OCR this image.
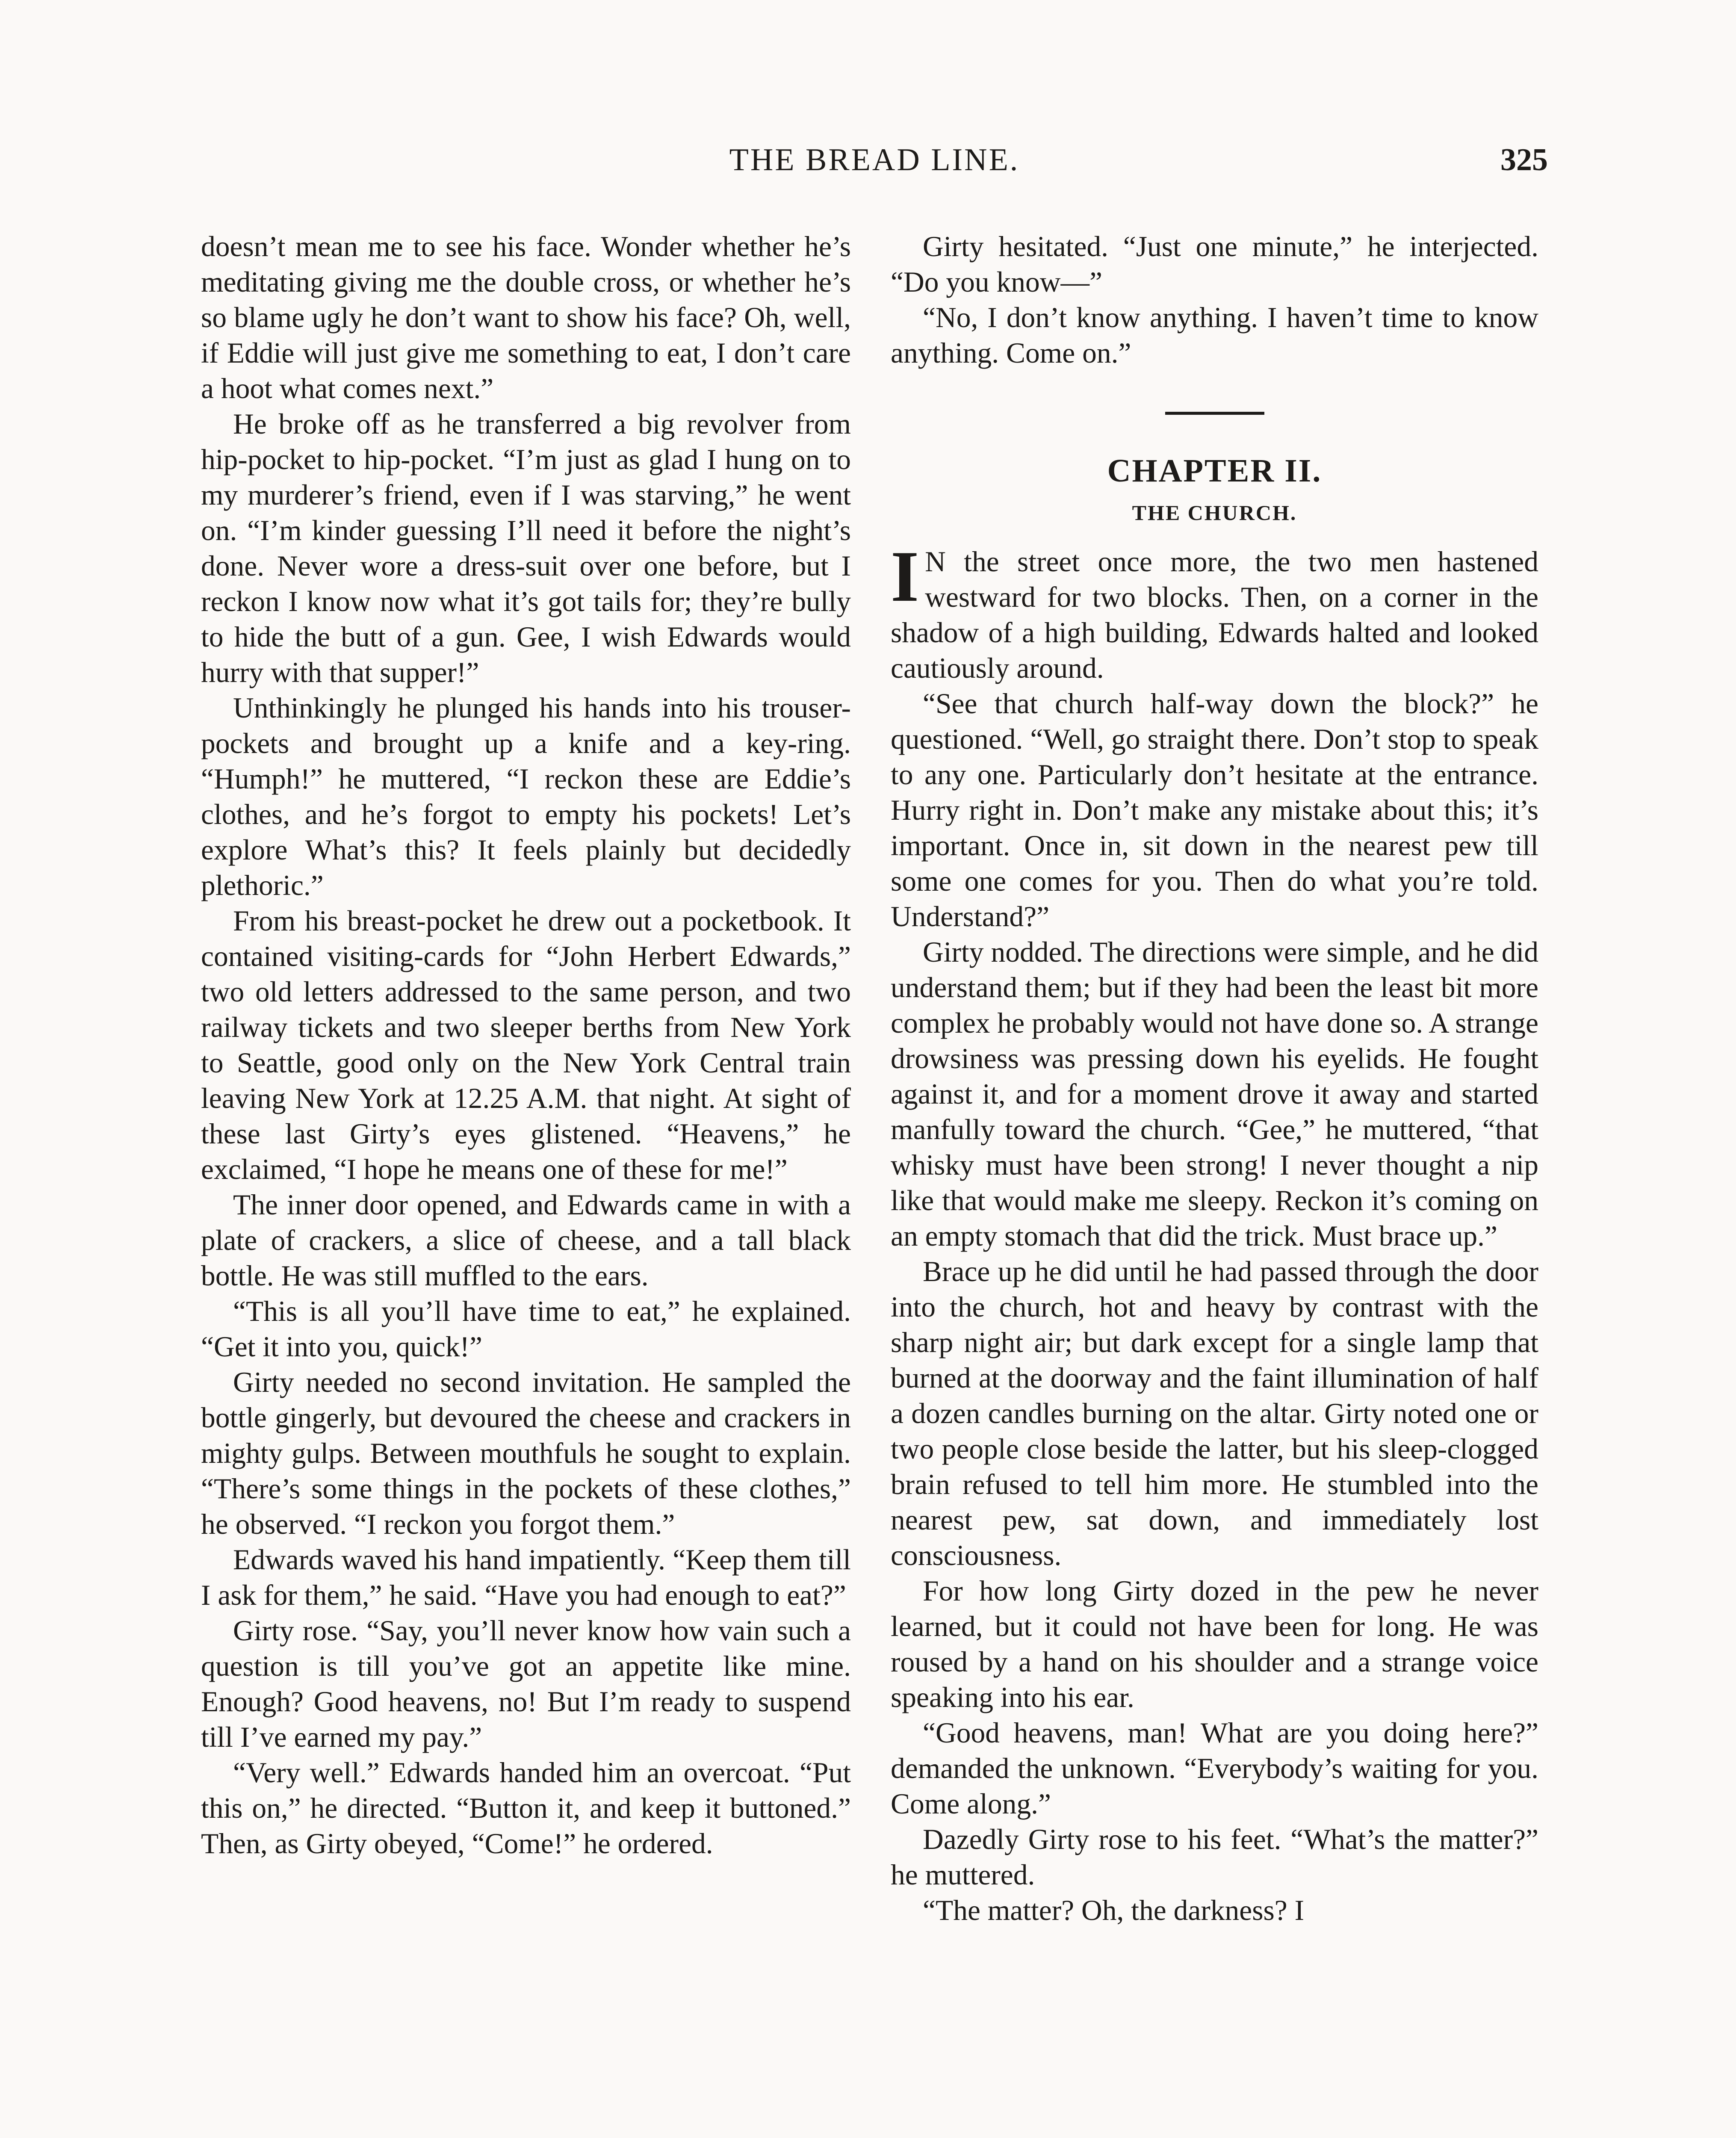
THE BREAD LINE.	325

doesn’t mean me to see his face. Wonder whether he’s meditating giving me the double cross, or whether he’s so blame ugly he don’t want to show his face? Oh, well, if Eddie will just give me something to eat, I don’t care a hoot what comes next.”

He broke off as he transferred a big revolver from hip-pocket to hip-pocket. “I’m just as glad I hung on to my murderer’s friend, even if I was starving,” he went on. “I’m kinder guessing I’ll need it before the night’s done. Never wore a dress-suit over one before, but I reckon I know now what it’s got tails for; they’re bully to hide the butt of a gun. Gee, I wish Edwards would hurry with that supper!”

Unthinkingly he plunged his hands into his trouser-pockets and brought up a knife and a key-ring. “Humph!” he muttered, “I reckon these are Eddie’s clothes, and he’s forgot to empty his pockets! Let’s explore What’s this? It feels plainly but decidedly plethoric.”

From his breast-pocket he drew out a pocketbook. It contained visiting-cards for “John Herbert Edwards,” two old letters addressed to the same person, and two railway tickets and two sleeper berths from New York to Seattle, good only on the New York Central train leaving New York at 12.25 A.M. that night. At sight of these last Girty’s eyes glistened. “Heavens,” he exclaimed, “I hope he means one of these for me!”

The inner door opened, and Edwards came in with a plate of crackers, a slice of cheese, and a tall black bottle. He was still muffled to the ears.

“This is all you’ll have time to eat,” he explained. “Get it into you, quick!”

Girty needed no second invitation. He sampled the bottle gingerly, but devoured the cheese and crackers in mighty gulps. Between mouthfuls he sought to explain. “There’s some things in the pockets of these clothes,” he observed. “I reckon you forgot them.”

Edwards waved his hand impatiently. “Keep them till I ask for them,” he said. “Have you had enough to eat?”

Girty rose. “Say, you’ll never know how vain such a question is till you’ve got an appetite like mine. Enough? Good heavens, no! But I’m ready to suspend till I’ve earned my pay.”

“Very well.” Edwards handed him an overcoat. “Put this on,” he directed. “Button it, and keep it buttoned.” Then, as Girty obeyed, “Come!” he ordered.

Girty hesitated. “Just one minute,” he interjected. “Do you know—”

“No, I don’t know anything. I haven’t time to know anything. Come on.”

CHAPTER II.
THE CHURCH.

I N the street once more, the two men hastened westward for two blocks. Then, on a corner in the shadow of a high building, Edwards halted and looked cautiously around.

“See that church half-way down the block?” he questioned. “Well, go straight there. Don’t stop to speak to any one. Particularly don’t hesitate at the entrance. Hurry right in. Don’t make any mistake about this; it’s important. Once in, sit down in the nearest pew till some one comes for you. Then do what you’re told. Understand?”

Girty nodded. The directions were simple, and he did understand them; but if they had been the least bit more complex he probably would not have done so. A strange drowsiness was pressing down his eyelids. He fought against it, and for a moment drove it away and started manfully toward the church. “Gee,” he muttered, “that whisky must have been strong! I never thought a nip like that would make me sleepy. Reckon it’s coming on an empty stomach that did the trick. Must brace up.”

Brace up he did until he had passed through the door into the church, hot and heavy by contrast with the sharp night air; but dark except for a single lamp that burned at the doorway and the faint illumination of half a dozen candles burning on the altar. Girty noted one or two people close beside the latter, but his sleep-clogged brain refused to tell him more. He stumbled into the nearest pew, sat down, and immediately lost consciousness.

For how long Girty dozed in the pew he never learned, but it could not have been for long. He was roused by a hand on his shoulder and a strange voice speaking into his ear.

“Good heavens, man! What are you doing here?” demanded the unknown. “Everybody’s waiting for you. Come along.”

Dazedly Girty rose to his feet. “What’s the matter?” he muttered.

“The matter? Oh, the darkness? I
